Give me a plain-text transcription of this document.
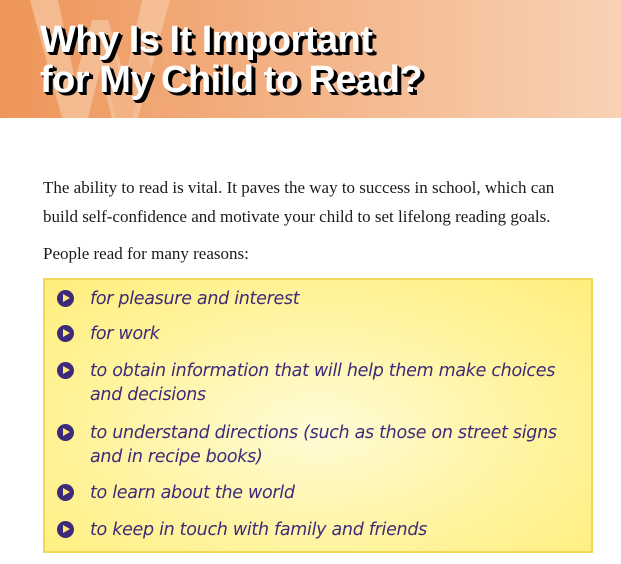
Why Is It Important
for My Child to Read?

The ability to read is vital. It paves the way to success in school, which can build self-confidence and motivate your child to set lifelong reading goals.

People read for many reasons:

for pleasure and interest
for work
to obtain information that will help them make choices and decisions
to understand directions (such as those on street signs and in recipe books)
to learn about the world
to keep in touch with family and friends
